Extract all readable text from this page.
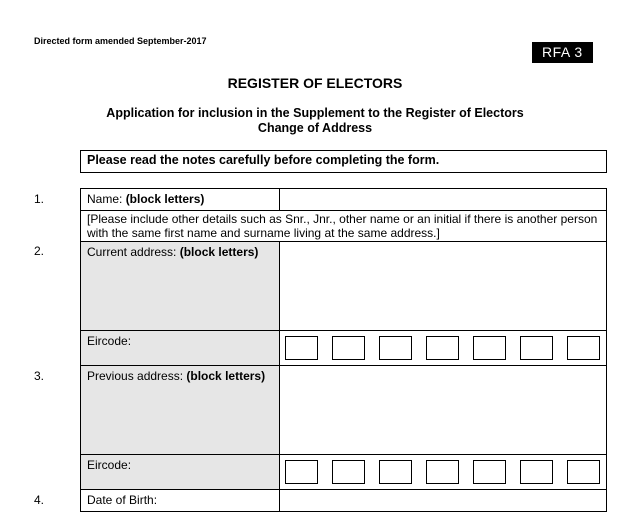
Directed form amended September-2017
RFA 3
REGISTER OF ELECTORS
Application for inclusion in the Supplement to the Register of Electors
Change of Address
Please read the notes carefully before completing the form.
1.	Name: (block letters)
[Please include other details such as Snr., Jnr., other name or an initial if there is another person with the same first name and surname living at the same address.]
2.	Current address: (block letters)
Eircode:
3.	Previous address: (block letters)
Eircode:
4.	Date of Birth:
